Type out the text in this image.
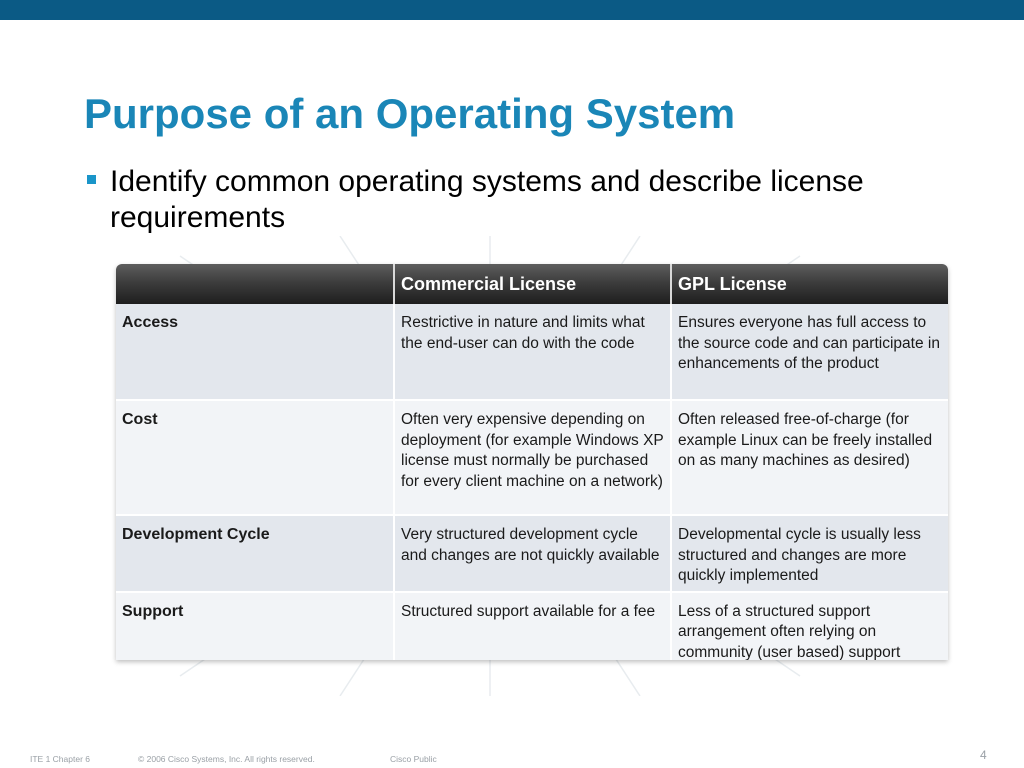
Purpose of an Operating System
Identify common operating systems and describe license requirements
	Commercial License	GPL License
Access	Restrictive in nature and limits what the end-user can do with the code	Ensures everyone has full access to the source code and can participate in enhancements of the product
Cost	Often very expensive depending on deployment (for example Windows XP license must normally be purchased for every client machine on a network)	Often released free-of-charge (for example Linux can be freely installed on as many machines as desired)
Development Cycle	Very structured development cycle and changes are not quickly available	Developmental cycle is usually less structured and changes are more quickly implemented
Support	Structured support available for a fee	Less of a structured support arrangement often relying on community (user based) support
ITE 1 Chapter 6	© 2006 Cisco Systems, Inc. All rights reserved.	Cisco Public	4
